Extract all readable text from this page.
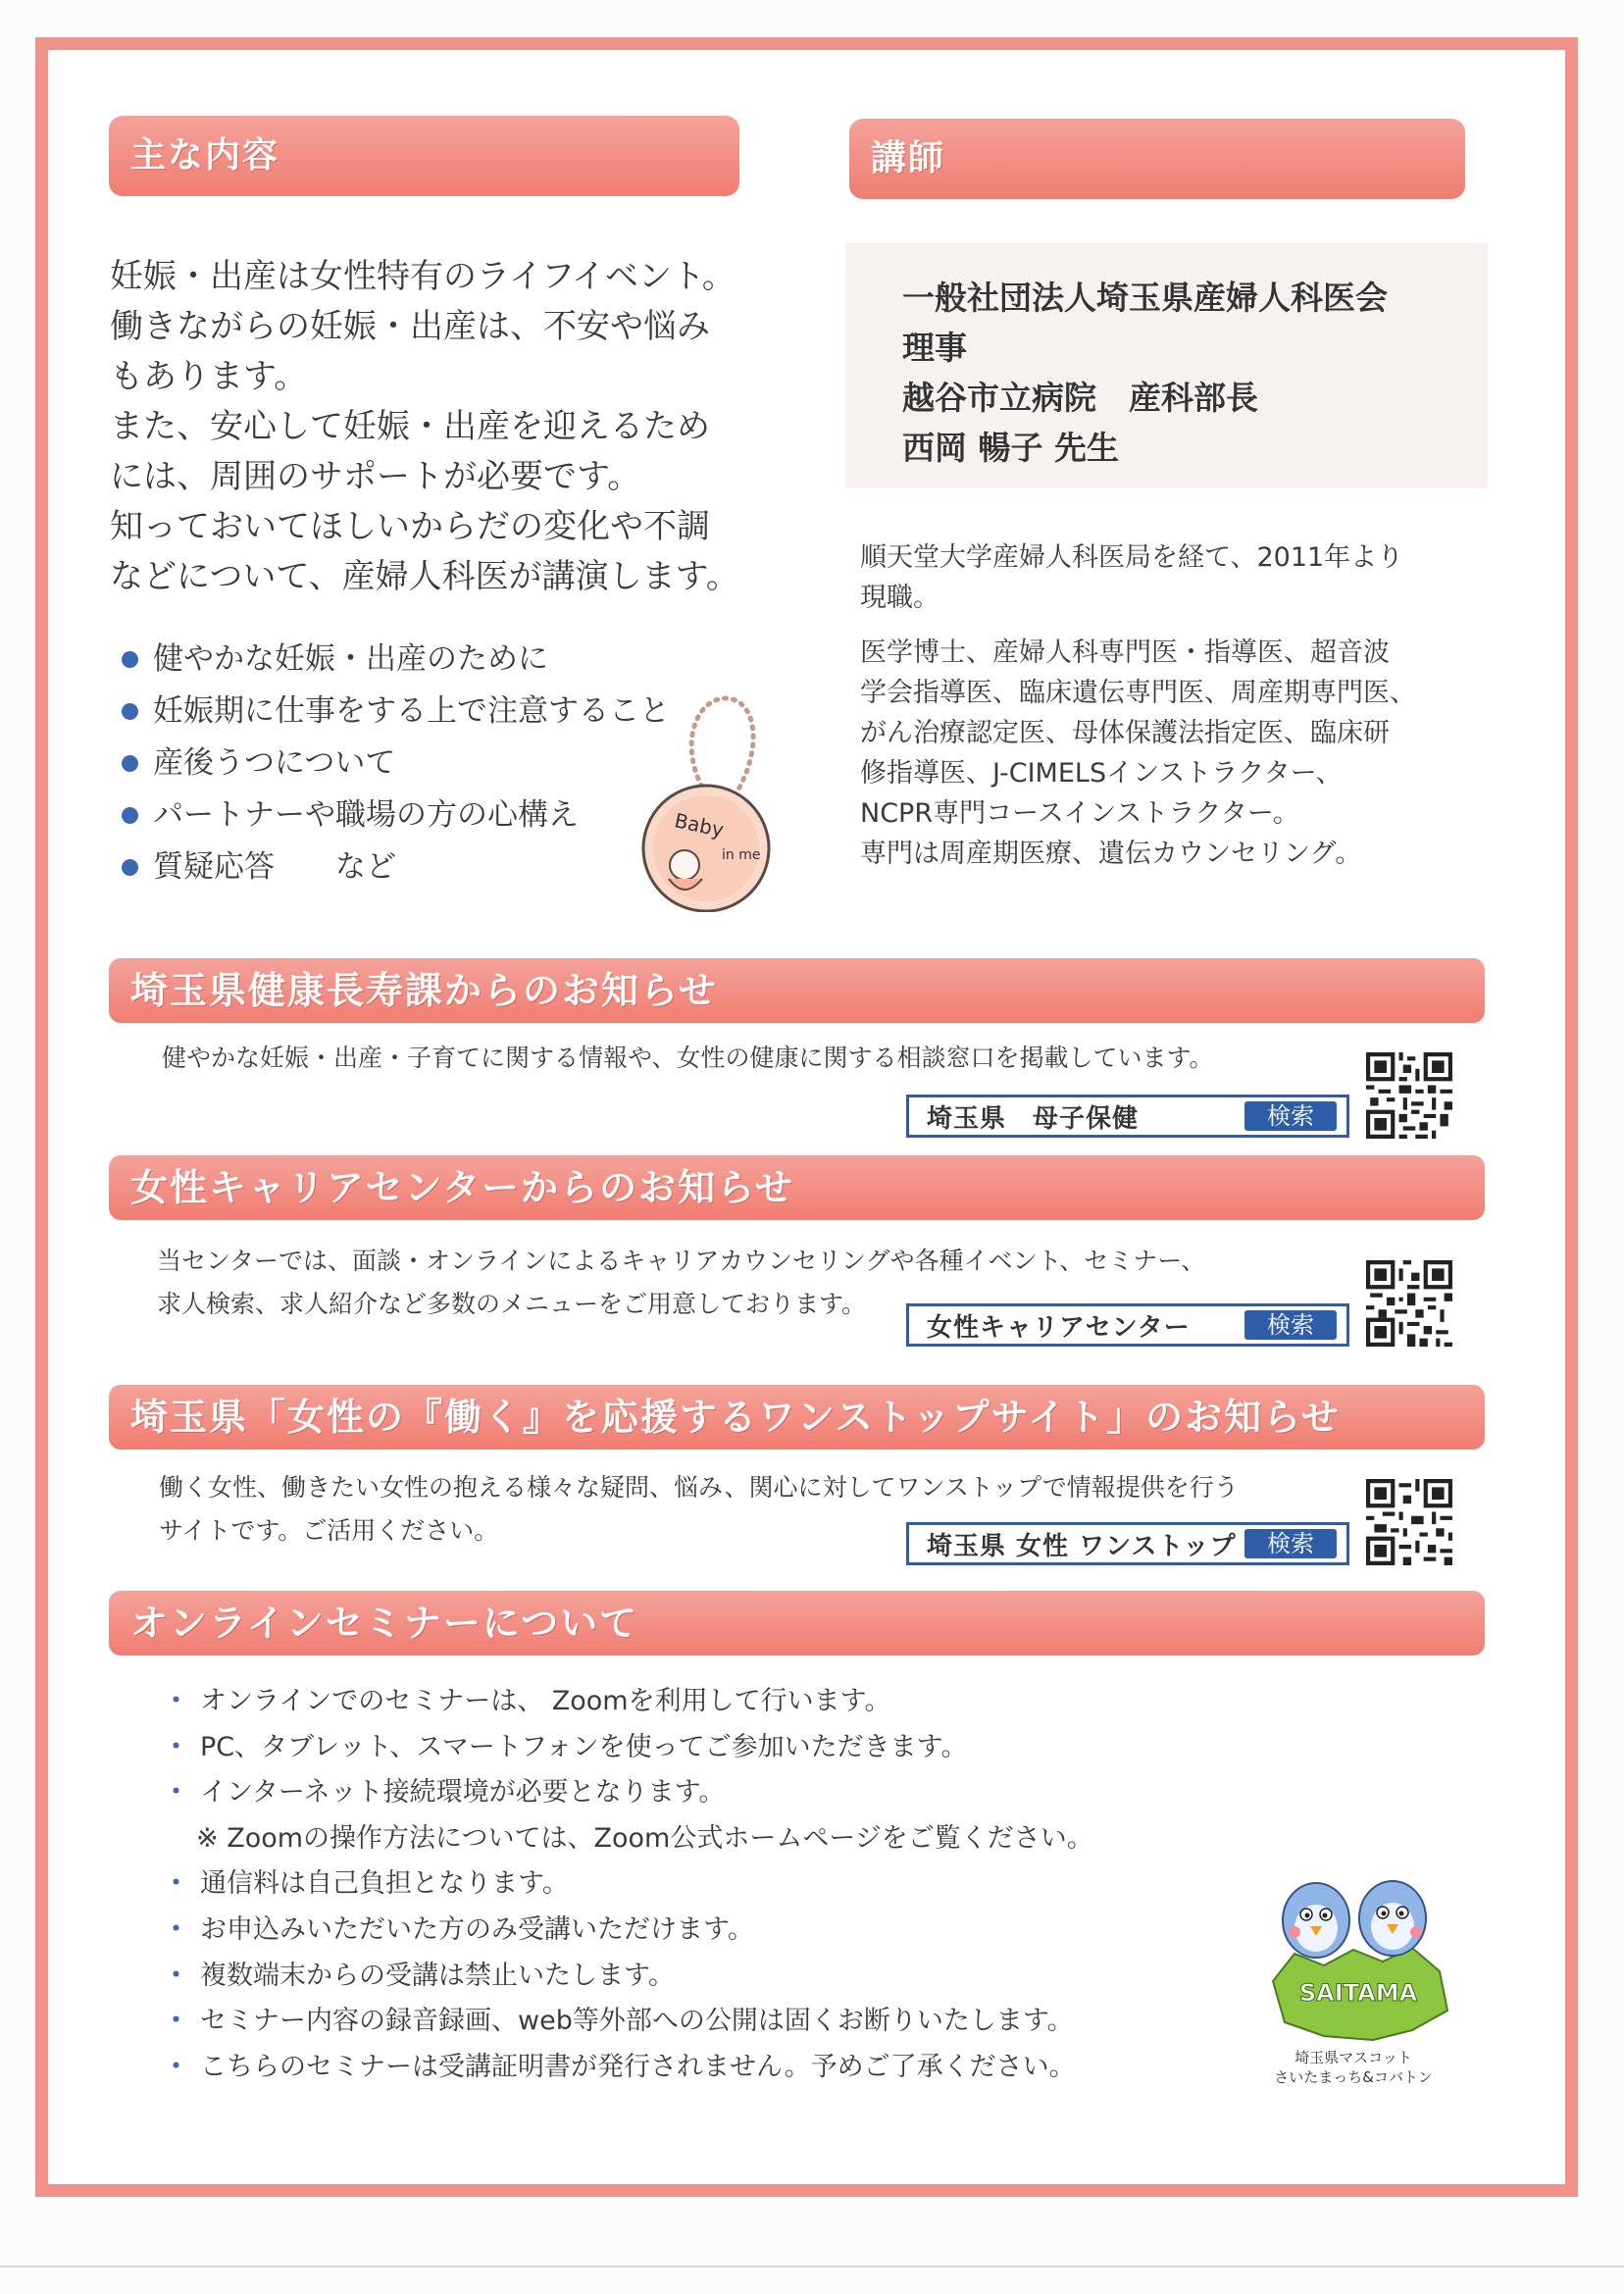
主な内容
妊娠・出産は女性特有のライフイベント。
働きながらの妊娠・出産は、不安や悩み
もあります。
また、安心して妊娠・出産を迎えるため
には、周囲のサポートが必要です。
知っておいてほしいからだの変化や不調
などについて、産婦人科医が講演します。
健やかな妊娠・出産のために
妊娠期に仕事をする上で注意すること
産後うつについて
パートナーや職場の方の心構え
質疑応答　　など
Baby
in me
講師
一般社団法人埼玉県産婦人科医会
理事
越谷市立病院　産科部長
西岡 暢子 先生
順天堂大学産婦人科医局を経て、2011年より
現職。
医学博士、産婦人科専門医・指導医、超音波
学会指導医、臨床遺伝専門医、周産期専門医、
がん治療認定医、母体保護法指定医、臨床研
修指導医、J-CIMELSインストラクター、
NCPR専門コースインストラクター。
専門は周産期医療、遺伝カウンセリング。
埼玉県健康長寿課からのお知らせ
健やかな妊娠・出産・子育てに関する情報や、女性の健康に関する相談窓口を掲載しています。
埼玉県　母子保健	検索
女性キャリアセンターからのお知らせ
当センターでは、面談・オンラインによるキャリアカウンセリングや各種イベント、セミナー、
求人検索、求人紹介など多数のメニューをご用意しております。
女性キャリアセンター	検索
埼玉県「女性の『働く』を応援するワンストップサイト」のお知らせ
働く女性、働きたい女性の抱える様々な疑問、悩み、関心に対してワンストップで情報提供を行う
サイトです。ご活用ください。
埼玉県 女性 ワンストップ	検索
オンラインセミナーについて
・ オンラインでのセミナーは、 Zoomを利用して行います。
・ PC、タブレット、スマートフォンを使ってご参加いただきます。
・ インターネット接続環境が必要となります。
※ Zoomの操作方法については、Zoom公式ホームページをご覧ください。
・ 通信料は自己負担となります。
・ お申込みいただいた方のみ受講いただけます。
・ 複数端末からの受講は禁止いたします。
・ セミナー内容の録音録画、web等外部への公開は固くお断りいたします。
・ こちらのセミナーは受講証明書が発行されません。予めご了承ください。
SAITAMA
埼玉県マスコット
さいたまっち&コバトン
